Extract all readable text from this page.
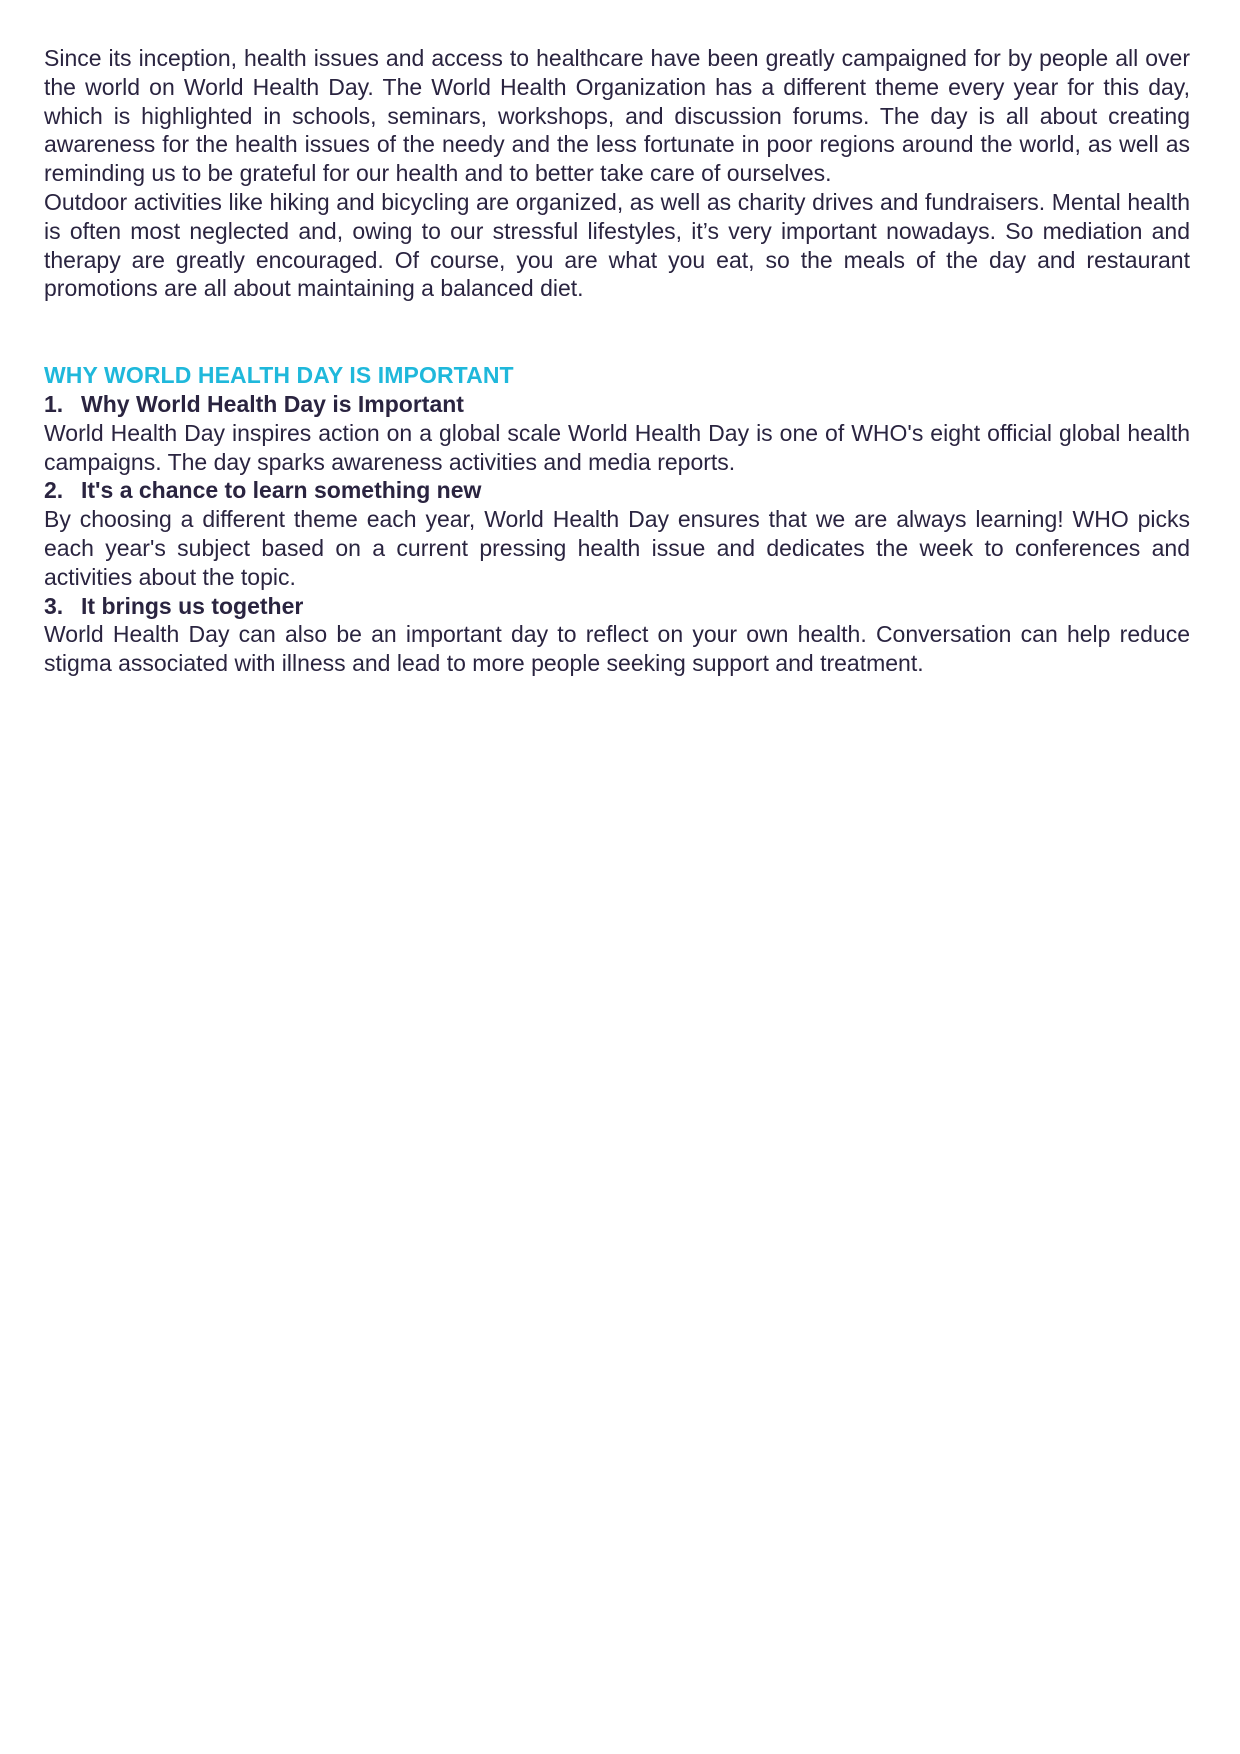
Since its inception, health issues and access to healthcare have been greatly campaigned for by people all over the world on World Health Day. The World Health Organization has a different theme every year for this day, which is highlighted in schools, seminars, workshops, and discussion forums. The day is all about creating awareness for the health issues of the needy and the less fortunate in poor regions around the world, as well as reminding us to be grateful for our health and to better take care of ourselves.

Outdoor activities like hiking and bicycling are organized, as well as charity drives and fundraisers. Mental health is often most neglected and, owing to our stressful lifestyles, it’s very important nowadays. So mediation and therapy are greatly encouraged. Of course, you are what you eat, so the meals of the day and restaurant promotions are all about maintaining a balanced diet.

WHY WORLD HEALTH DAY IS IMPORTANT

1. Why World Health Day is Important

World Health Day inspires action on a global scale World Health Day is one of WHO's eight official global health campaigns. The day sparks awareness activities and media reports.

2. It's a chance to learn something new

By choosing a different theme each year, World Health Day ensures that we are always learning! WHO picks each year's subject based on a current pressing health issue and dedicates the week to conferences and activities about the topic.

3. It brings us together

World Health Day can also be an important day to reflect on your own health. Conversation can help reduce stigma associated with illness and lead to more people seeking support and treatment.
